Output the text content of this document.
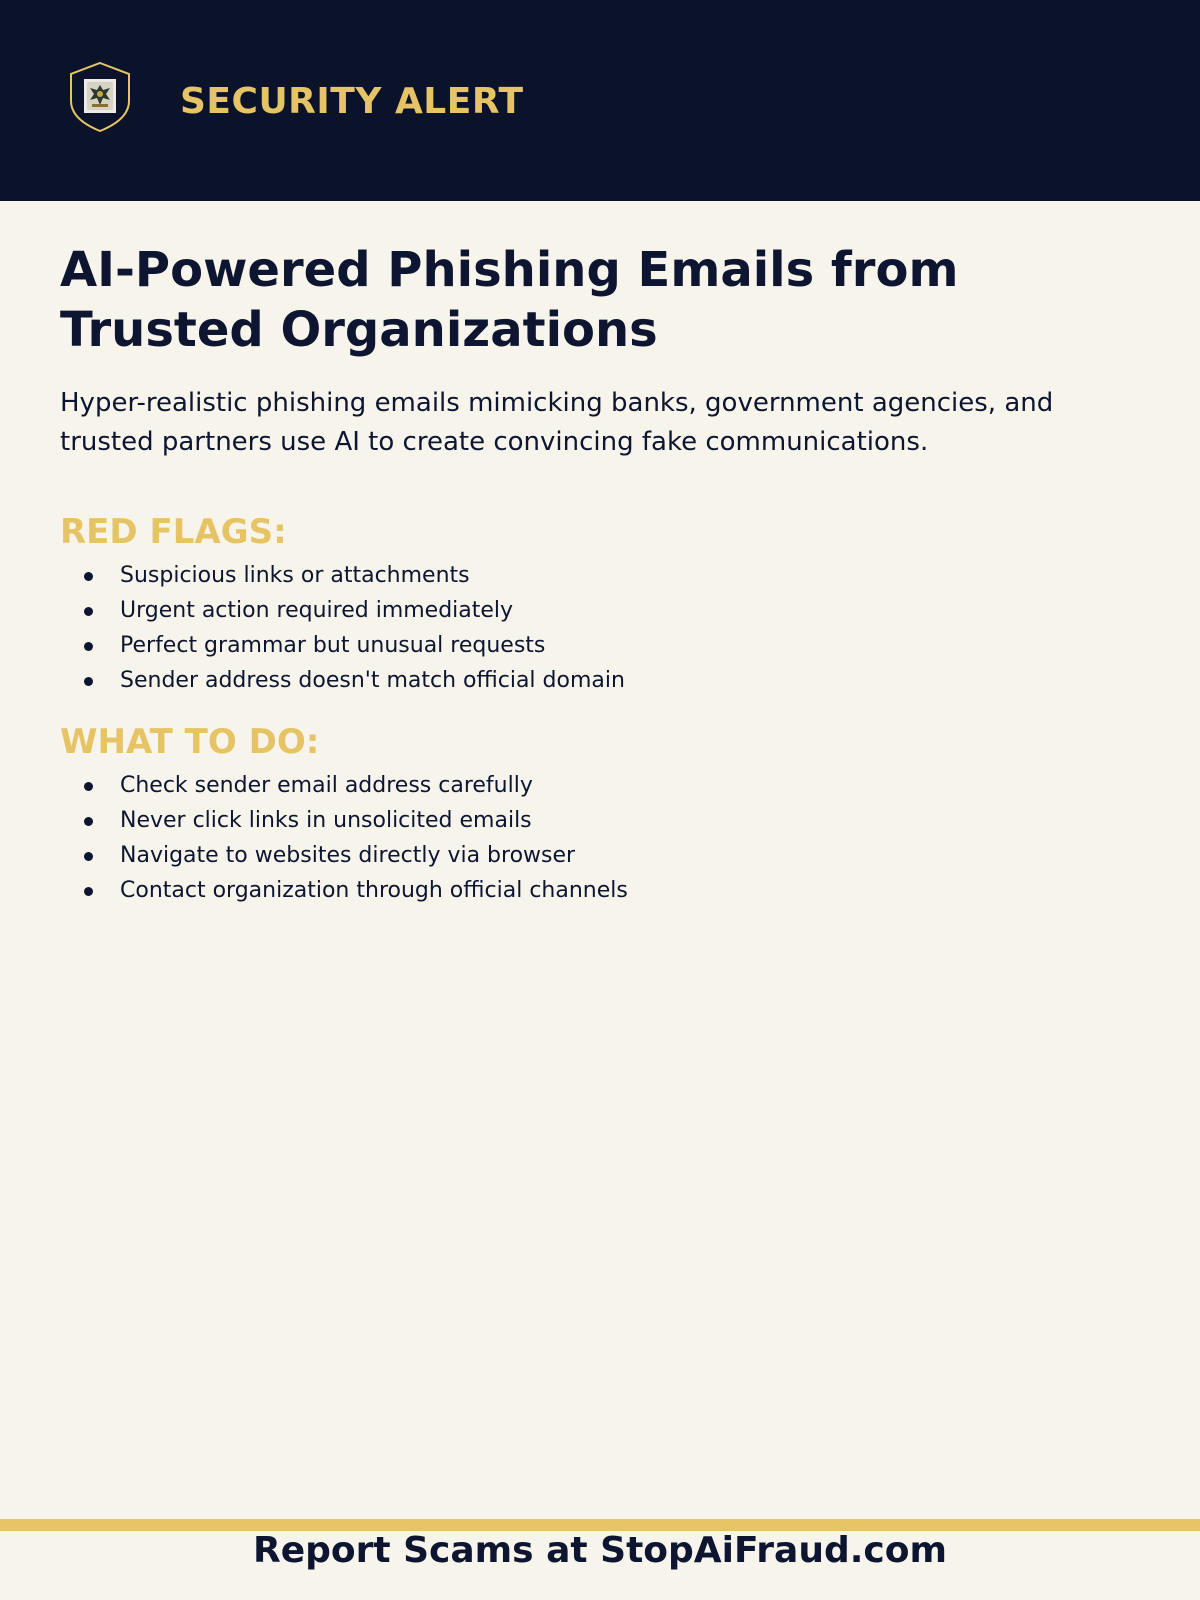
SECURITY ALERT
AI-Powered Phishing Emails from Trusted Organizations

Hyper-realistic phishing emails mimicking banks, government agencies, and trusted partners use AI to create convincing fake communications.

RED FLAGS:
Suspicious links or attachments
Urgent action required immediately
Perfect grammar but unusual requests
Sender address doesn't match official domain
WHAT TO DO:
Check sender email address carefully
Never click links in unsolicited emails
Navigate to websites directly via browser
Contact organization through official channels
Report Scams at StopAiFraud.com
